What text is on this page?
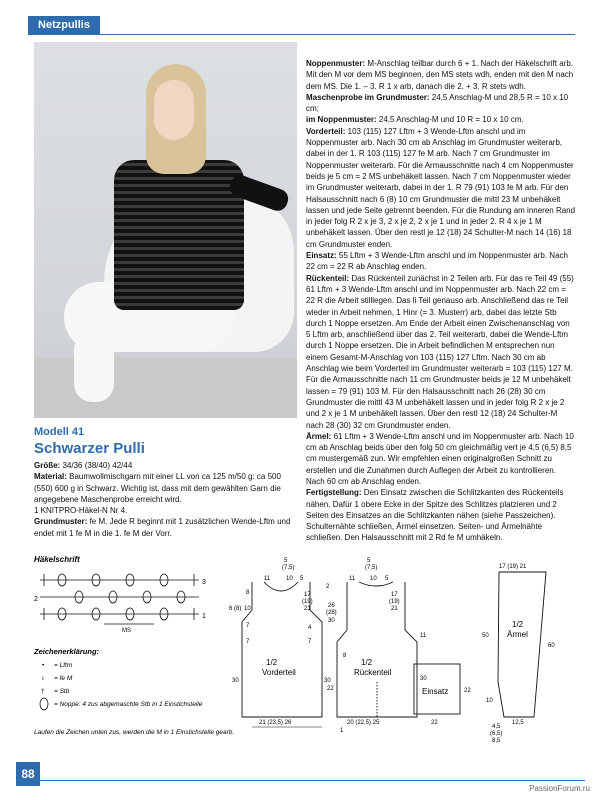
Netzpullis
Modell 41
Schwarzer Pulli

Größe: 34/36 (38/40) 42/44

Material: Baumwollmischgarn mit einer LL von ca 125 m/50 g: ca 500 (550) 600 g in Schwarz. Wichtig ist, dass mit dem gewählten Garn die angegebene Maschenprobe erreicht wird.

1 KNITPRO-Häkel-N Nr 4.

Grundmuster: fe M. Jede R beginnt mit 1 zusätzlichen Wende-Lftm und endet mit 1 fe M in die 1. fe M der Vorr.

Noppenmuster: M-Anschlag teilbar durch 6 + 1. Nach der Häkelschrift arb. Mit den M vor dem MS beginnen, den MS stets wdh, enden mit den M nach dem MS. Die 1. – 3. R 1 x arb, danach die 2. + 3. R stets wdh.

Maschenprobe im Grundmuster: 24,5 Anschlag-M und 28,5 R = 10 x 10 cm;

im Noppenmuster: 24,5 Anschlag-M und 10 R = 10 x 10 cm.

Vorderteil: 103 (115) 127 Lftm + 3 Wende-Lftm anschl und im Noppenmuster arb. Nach 30 cm ab Anschlag im Grundmuster weiterarb, dabei in der 1. R 103 (115) 127 fe M arb. Nach 7 cm Grundmuster im Noppenmuster weiterarb. Für die Armausschnitte nach 4 cm Noppenmuster beids je 5 cm = 2 MS unbehäkelt lassen. Nach 7 cm Noppenmuster wieder im Grundmuster weiterarb, dabei in der 1. R 79 (91) 103 fe M arb. Für den Halsausschnitt nach 6 (8) 10 cm Grundmuster die mittl 23 M unbehäkelt lassen und jede Seite getrennt beenden. Für die Rundung am inneren Rand in jeder folg R 2 x je 3, 2 x je 2, 2 x je 1 und in jeder 2. R 4 x je 1 M unbehäkelt lassen. Über den restl je 12 (18) 24 Schulter-M nach 14 (16) 18 cm Grundmuster enden.

Einsatz: 55 Lftm + 3 Wende-Lftm anschl und im Noppenmuster arb. Nach 22 cm = 22 R ab Anschlag enden.

Rückenteil: Das Rückenteil zunächst in 2 Teilen arb. Für das re Teil 49 (55) 61 Lftm + 3 Wende-Lftm anschl und im Noppenmuster arb. Nach 22 cm = 22 R die Arbeit stilllegen. Das li Teil genauso arb. Anschließend das re Teil wieder in Arbeit nehmen, 1 Hinr (= 3. Musterr) arb, dabei das letzte Stb durch 1 Noppe ersetzen. Am Ende der Arbeit einen Zwischenanschlag von 5 Lftm arb, anschließend über das 2. Teil weiterarb, dabei die Wende-Lftm durch 1 Noppe ersetzen. Die in Arbeit befindlichen M entsprechen nun einem Gesamt-M-Anschlag von 103 (115) 127 Lftm. Nach 30 cm ab Anschlag wie beim Vorderteil im Grundmuster weiterarb = 103 (115) 127 M. Für die Armausschnitte nach 11 cm Grundmuster beids je 12 M unbehäkelt lassen = 79 (91) 103 M. Für den Halsausschnitt nach 26 (28) 30 cm Grundmuster die mittl 43 M unbehäkelt lassen und in jeder folg R 2 x je 2 und 2 x je 1 M unbehäkelt lassen. Über den restl 12 (18) 24 Schulter-M nach 28 (30) 32 cm Grundmuster enden.

Ärmel: 61 Lftm + 3 Wende-Lftm anschl und im Noppenmuster arb. Nach 10 cm ab Anschlag beids über den folg 50 cm gleichmäßig vert je 4,5 (6,5) 8,5 cm mustergemäß zun. Wir empfehlen einen originalgroßen Schnitt zu erstellen und die Zunahmen durch Auflegen der Arbeit zu kontrollieren. Nach 60 cm ab Anschlag enden.

Fertigstellung: Den Einsatz zwischen die Schlitzkanten des Rückenteils nähen. Dafür 1 obere Ecke in der Spitze des Schlitzes platzieren und 2 Seiten des Einsatzes an die Schlitzkanten nähen (siehe Passzeichen). Schulternähte schließen, Ärmel einsetzen. Seiten- und Ärmelnähte schließen. Den Halsausschnitt mit 2 Rd fe M umhäkeln.

Häkelschrift
3
2
1
MS
Zeichenerklärung:
• = Lftm
ı = fe M
† = Stb
= Noppe: 4 zus abgemaschte Stb in 1 Einstichstelle
Laufen die Zeichen unten zus, werden die M in 1 Einstichstelle gearb.
1/2
Vorderteil
5
(7,5)
10
11	5
8
6 (8) 10
7
7
17
(19)
21
4
7
30	30
21 (23,5) 26
1/2
Rückenteil
5
(7,5)
10
11	5
2
26
(28)
30
17
(19)
21
11
8
22
30
20 (22,5) 25
1
Einsatz	22
22
17 (19) 21
1/2
Ärmel
50
10
60
12,5
4,5
(6,5)
8,5
88
PassionForum.ru
